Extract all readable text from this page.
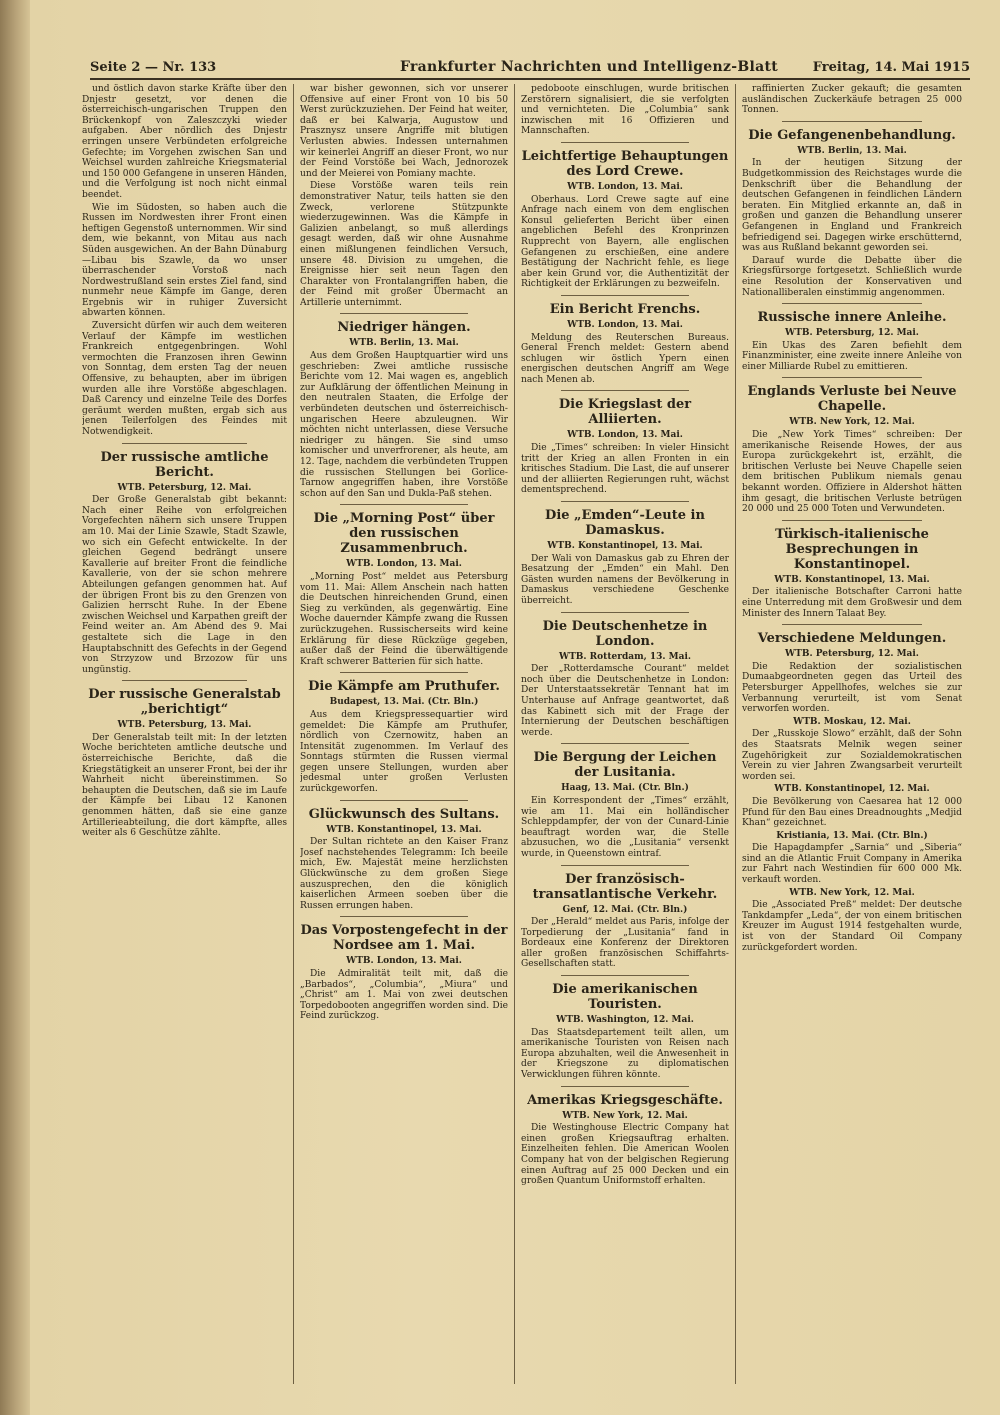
Seite 2 — Nr. 133	Frankfurter Nachrichten und Intelligenz-Blatt	Freitag, 14. Mai 1915

und östlich davon starke Kräfte über den Dnjestr gesetzt, vor denen die österreichisch-ungarischen Truppen den Brückenkopf von Zaleszczyki wieder aufgaben. Aber nördlich des Dnjestr erringen unsere Verbündeten erfolgreiche Gefechte; im Vorgehen zwischen San und Weichsel wurden zahlreiche Kriegsmaterial und 150 000 Gefangene in unseren Händen, und die Verfolgung ist noch nicht einmal beendet.

Wie im Südosten, so haben auch die Russen im Nordwesten ihrer Front einen heftigen Gegenstoß unternommen. Wir sind dem, wie bekannt, von Mitau aus nach Süden ausgewichen. An der Bahn Dünaburg—Libau bis Szawle, da wo unser überraschender Vorstoß nach Nordwestrußland sein erstes Ziel fand, sind nunmehr neue Kämpfe im Gange, deren Ergebnis wir in ruhiger Zuversicht abwarten können.

Zuversicht dürfen wir auch dem weiteren Verlauf der Kämpfe im westlichen Frankreich entgegenbringen. Wohl vermochten die Franzosen ihren Gewinn von Sonntag, dem ersten Tag der neuen Offensive, zu behaupten, aber im übrigen wurden alle ihre Vorstöße abgeschlagen. Daß Carency und einzelne Teile des Dorfes geräumt werden mußten, ergab sich aus jenen Teilerfolgen des Feindes mit Notwendigkeit.

Der russische amtliche Bericht.
WTB. Petersburg, 12. Mai.

Der Große Generalstab gibt bekannt: Nach einer Reihe von erfolgreichen Vorgefechten nähern sich unsere Truppen am 10. Mai der Linie Szawle, Stadt Szawle, wo sich ein Gefecht entwickelte. In der gleichen Gegend bedrängt unsere Kavallerie auf breiter Front die feindliche Kavallerie, von der sie schon mehrere Abteilungen gefangen genommen hat. Auf der übrigen Front bis zu den Grenzen von Galizien herrscht Ruhe. In der Ebene zwischen Weichsel und Karpathen greift der Feind weiter an. Am Abend des 9. Mai gestaltete sich die Lage in den Hauptabschnitt des Gefechts in der Gegend von Strzyzow und Brzozow für uns ungünstig.

Der russische Generalstab „berichtigt“
WTB. Petersburg, 13. Mai.

Der Generalstab teilt mit: In der letzten Woche berichteten amtliche deutsche und österreichische Berichte, daß die Kriegstätigkeit an unserer Front, bei der ihr Wahrheit nicht übereinstimmen. So behaupten die Deutschen, daß sie im Laufe der Kämpfe bei Libau 12 Kanonen genommen hätten, daß sie eine ganze Artillerieabteilung, die dort kämpfte, alles weiter als 6 Geschütze zählte.

war bisher gewonnen, sich vor unserer Offensive auf einer Front von 10 bis 50 Werst zurückzuziehen. Der Feind hat weiter, daß er bei Kalwarja, Augustow und Prasznysz unsere Angriffe mit blutigen Verlusten abwies. Indessen unternahmen wir keinerlei Angriff an dieser Front, wo nur der Feind Vorstöße bei Wach, Jednorozek und der Meierei von Pomiany machte.

Diese Vorstöße waren teils rein demonstrativer Natur, teils hatten sie den Zweck, verlorene Stützpunkte wiederzugewinnen. Was die Kämpfe in Galizien anbelangt, so muß allerdings gesagt werden, daß wir ohne Ausnahme einen mißlungenen feindlichen Versuch, unsere 48. Division zu umgehen, die Ereignisse hier seit neun Tagen den Charakter von Frontalangriffen haben, die der Feind mit großer Übermacht an Artillerie unternimmt.

Niedriger hängen.
WTB. Berlin, 13. Mai.

Aus dem Großen Hauptquartier wird uns geschrieben: Zwei amtliche russische Berichte vom 12. Mai wagen es, angeblich zur Aufklärung der öffentlichen Meinung in den neutralen Staaten, die Erfolge der verbündeten deutschen und österreichisch-ungarischen Heere abzuleugnen. Wir möchten nicht unterlassen, diese Versuche niedriger zu hängen. Sie sind umso komischer und unverfrorener, als heute, am 12. Tage, nachdem die verbündeten Truppen die russischen Stellungen bei Gorlice-Tarnow angegriffen haben, ihre Vorstöße schon auf den San und Dukla-Paß stehen.

Die „Morning Post“ über den russischen Zusammenbruch.
WTB. London, 13. Mai.

„Morning Post“ meldet aus Petersburg vom 11. Mai: Allem Anschein nach hatten die Deutschen hinreichenden Grund, einen Sieg zu verkünden, als gegenwärtig. Eine Woche dauernder Kämpfe zwang die Russen zurückzugehen. Russischerseits wird keine Erklärung für diese Rückzüge gegeben, außer daß der Feind die überwältigende Kraft schwerer Batterien für sich hatte.

Die Kämpfe am Pruthufer.
Budapest, 13. Mai. (Ctr. Bln.)

Aus dem Kriegspressequartier wird gemeldet: Die Kämpfe am Pruthufer, nördlich von Czernowitz, haben an Intensität zugenommen. Im Verlauf des Sonntags stürmten die Russen viermal gegen unsere Stellungen, wurden aber jedesmal unter großen Verlusten zurückgeworfen.

Glückwunsch des Sultans.
WTB. Konstantinopel, 13. Mai.

Der Sultan richtete an den Kaiser Franz Josef nachstehendes Telegramm: Ich beeile mich, Ew. Majestät meine herzlichsten Glückwünsche zu dem großen Siege auszusprechen, den die königlich kaiserlichen Armeen soeben über die Russen errungen haben.

Das Vorpostengefecht in der Nordsee am 1. Mai.
WTB. London, 13. Mai.

Die Admiralität teilt mit, daß die „Barbados“, „Columbia“, „Miura“ und „Christ“ am 1. Mai von zwei deutschen Torpedobooten angegriffen worden sind. Die Feind zurückzog.

pedoboote einschlugen, wurde britischen Zerstörern signalisiert, die sie verfolgten und vernichteten. Die „Columbia“ sank inzwischen mit 16 Offizieren und Mannschaften.

Leichtfertige Behauptungen des Lord Crewe.
WTB. London, 13. Mai.

Oberhaus. Lord Crewe sagte auf eine Anfrage nach einem von dem englischen Konsul gelieferten Bericht über einen angeblichen Befehl des Kronprinzen Rupprecht von Bayern, alle englischen Gefangenen zu erschießen, eine andere Bestätigung der Nachricht fehle, es liege aber kein Grund vor, die Authentizität der Richtigkeit der Erklärungen zu bezweifeln.

Ein Bericht Frenchs.
WTB. London, 13. Mai.

Meldung des Reuterschen Bureaus. General French meldet: Gestern abend schlugen wir östlich Ypern einen energischen deutschen Angriff am Wege nach Menen ab.

Die Kriegslast der Alliierten.
WTB. London, 13. Mai.

Die „Times“ schreiben: In vieler Hinsicht tritt der Krieg an allen Fronten in ein kritisches Stadium. Die Last, die auf unserer und der alliierten Regierungen ruht, wächst dementsprechend.

Die „Emden“-Leute in Damaskus.
WTB. Konstantinopel, 13. Mai.

Der Wali von Damaskus gab zu Ehren der Besatzung der „Emden“ ein Mahl. Den Gästen wurden namens der Bevölkerung in Damaskus verschiedene Geschenke überreicht.

Die Deutschenhetze in London.
WTB. Rotterdam, 13. Mai.

Der „Rotterdamsche Courant“ meldet noch über die Deutschenhetze in London: Der Unterstaatssekretär Tennant hat im Unterhause auf Anfrage geantwortet, daß das Kabinett sich mit der Frage der Internierung der Deutschen beschäftigen werde.

Die Bergung der Leichen der Lusitania.
Haag, 13. Mai. (Ctr. Bln.)

Ein Korrespondent der „Times“ erzählt, wie am 11. Mai ein holländischer Schleppdampfer, der von der Cunard-Linie beauftragt worden war, die Stelle abzusuchen, wo die „Lusitania“ versenkt wurde, in Queenstown eintraf.

Der französisch-transatlantische Verkehr.
Genf, 12. Mai. (Ctr. Bln.)

Der „Herald“ meldet aus Paris, infolge der Torpedierung der „Lusitania“ fand in Bordeaux eine Konferenz der Direktoren aller großen französischen Schiffahrts-Gesellschaften statt.

Die amerikanischen Touristen.
WTB. Washington, 12. Mai.

Das Staatsdepartement teilt allen, um amerikanische Touristen von Reisen nach Europa abzuhalten, weil die Anwesenheit in der Kriegszone zu diplomatischen Verwicklungen führen könnte.

Amerikas Kriegsgeschäfte.
WTB. New York, 12. Mai.

Die Westinghouse Electric Company hat einen großen Kriegsauftrag erhalten. Einzelheiten fehlen. Die American Woolen Company hat von der belgischen Regierung einen Auftrag auf 25 000 Decken und ein großen Quantum Uniformstoff erhalten.

raffinierten Zucker gekauft; die gesamten ausländischen Zuckerkäufe betragen 25 000 Tonnen.

Die Gefangenenbehandlung.
WTB. Berlin, 13. Mai.

In der heutigen Sitzung der Budgetkommission des Reichstages wurde die Denkschrift über die Behandlung der deutschen Gefangenen in feindlichen Ländern beraten. Ein Mitglied erkannte an, daß in großen und ganzen die Behandlung unserer Gefangenen in England und Frankreich befriedigend sei. Dagegen wirke erschütternd, was aus Rußland bekannt geworden sei.

Darauf wurde die Debatte über die Kriegsfürsorge fortgesetzt. Schließlich wurde eine Resolution der Konservativen und Nationalliberalen einstimmig angenommen.

Russische innere Anleihe.
WTB. Petersburg, 12. Mai.

Ein Ukas des Zaren befiehlt dem Finanzminister, eine zweite innere Anleihe von einer Milliarde Rubel zu emittieren.

Englands Verluste bei Neuve Chapelle.
WTB. New York, 12. Mai.

Die „New York Times“ schreiben: Der amerikanische Reisende Howes, der aus Europa zurückgekehrt ist, erzählt, die britischen Verluste bei Neuve Chapelle seien dem britischen Publikum niemals genau bekannt worden. Offiziere in Aldershot hätten ihm gesagt, die britischen Verluste betrügen 20 000 und 25 000 Toten und Verwundeten.

Türkisch-italienische Besprechungen in Konstantinopel.
WTB. Konstantinopel, 13. Mai.

Der italienische Botschafter Carroni hatte eine Unterredung mit dem Großwesir und dem Minister des Innern Talaat Bey.

Verschiedene Meldungen.
WTB. Petersburg, 12. Mai.

Die Redaktion der sozialistischen Dumaabgeordneten gegen das Urteil des Petersburger Appellhofes, welches sie zur Verbannung verurteilt, ist vom Senat verworfen worden.

WTB. Moskau, 12. Mai.

Der „Russkoje Slowo“ erzählt, daß der Sohn des Staatsrats Melnik wegen seiner Zugehörigkeit zur Sozialdemokratischen Verein zu vier Jahren Zwangsarbeit verurteilt worden sei.

WTB. Konstantinopel, 12. Mai.

Die Bevölkerung von Caesarea hat 12 000 Pfund für den Bau eines Dreadnoughts „Medjid Khan“ gezeichnet.

Kristiania, 13. Mai. (Ctr. Bln.)

Die Hapagdampfer „Sarnia“ und „Siberia“ sind an die Atlantic Fruit Company in Amerika zur Fahrt nach Westindien für 600 000 Mk. verkauft worden.

WTB. New York, 12. Mai.

Die „Associated Preß“ meldet: Der deutsche Tankdampfer „Leda“, der von einem britischen Kreuzer im August 1914 festgehalten wurde, ist von der Standard Oil Company zurückgefordert worden.
